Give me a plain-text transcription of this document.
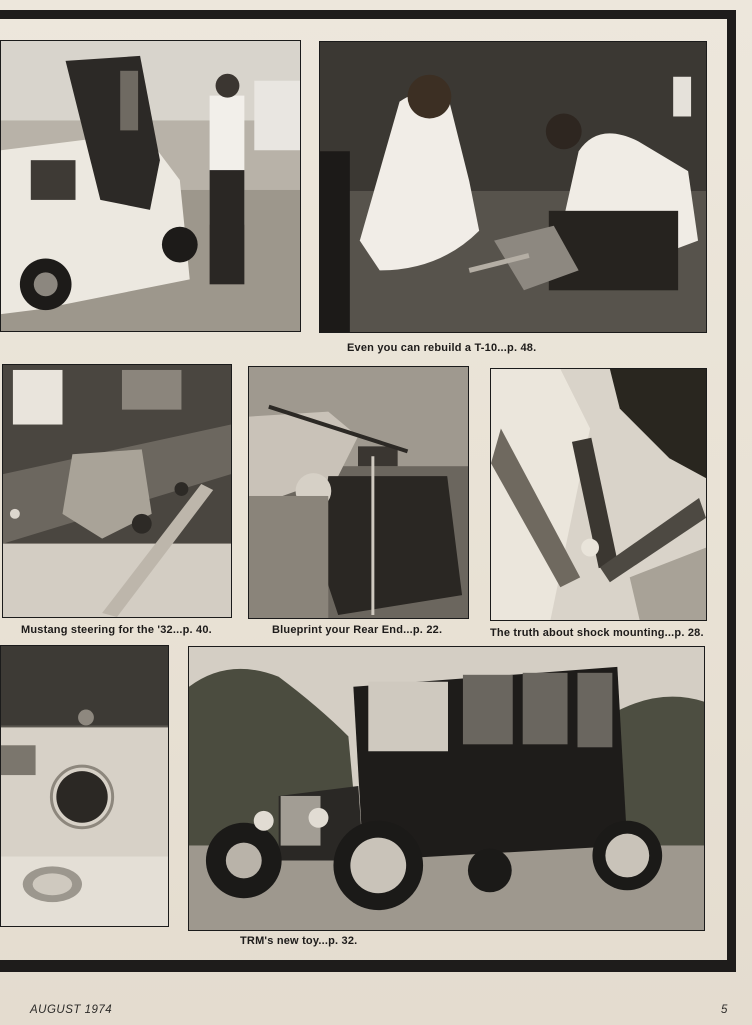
Even you can rebuild a T-10...p. 48.
Mustang steering for the '32...p. 40.	Blueprint your Rear End...p. 22.	The truth about shock mounting...p. 28.
TRM's new toy...p. 32.
AUGUST 1974	5
